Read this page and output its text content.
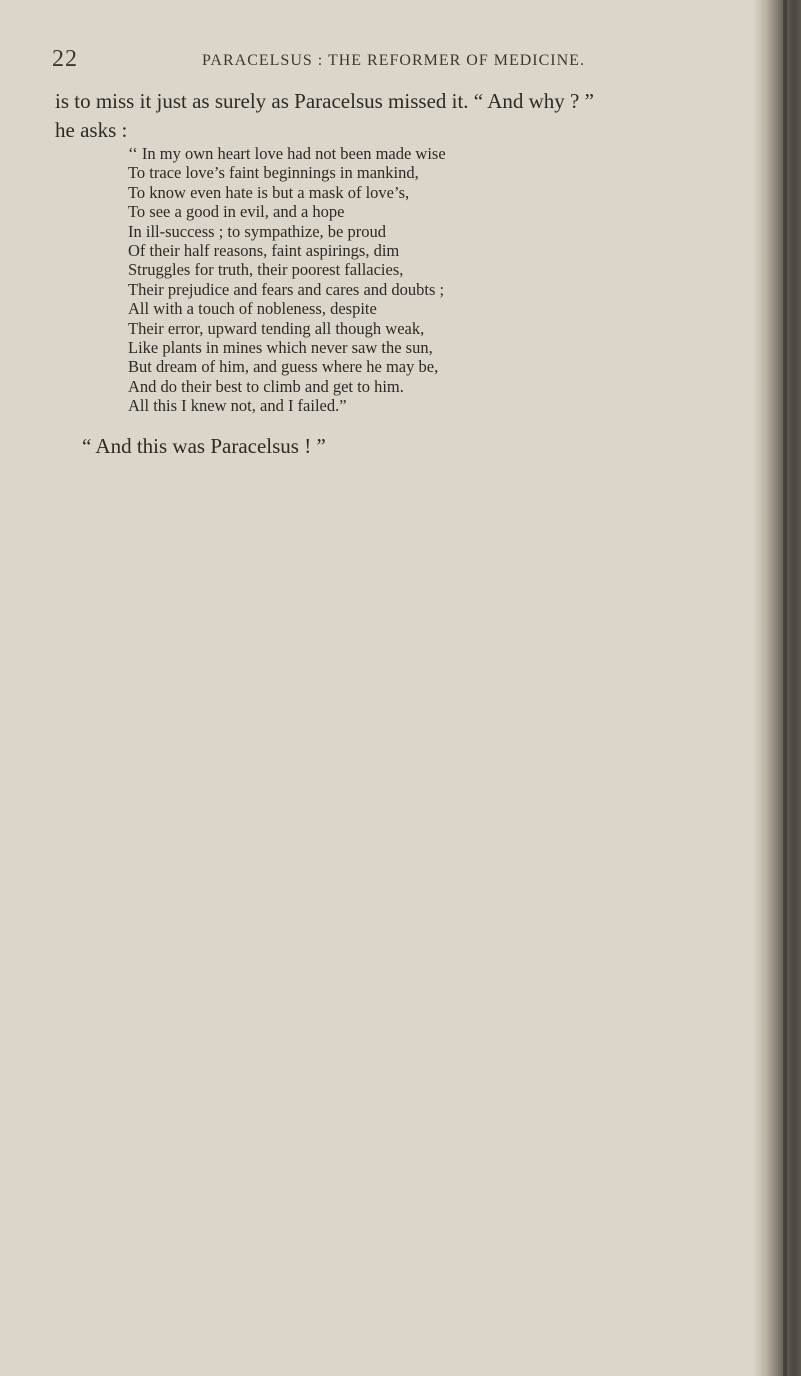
22	PARACELSUS : THE REFORMER OF MEDICINE.

is to miss it just as surely as Paracelsus missed it. “ And why ? ”
he asks :

‘‘ In my own heart love had not been made wise
To trace love’s faint beginnings in mankind,
To know even hate is but a mask of love’s,
To see a good in evil, and a hope
In ill-success ; to sympathize, be proud
Of their half reasons, faint aspirings, dim
Struggles for truth, their poorest fallacies,
Their prejudice and fears and cares and doubts ;
All with a touch of nobleness, despite
Their error, upward tending all though weak,
Like plants in mines which never saw the sun,
But dream of him, and guess where he may be,
And do their best to climb and get to him.
All this I knew not, and I failed.”

“ And this was Paracelsus ! ”
